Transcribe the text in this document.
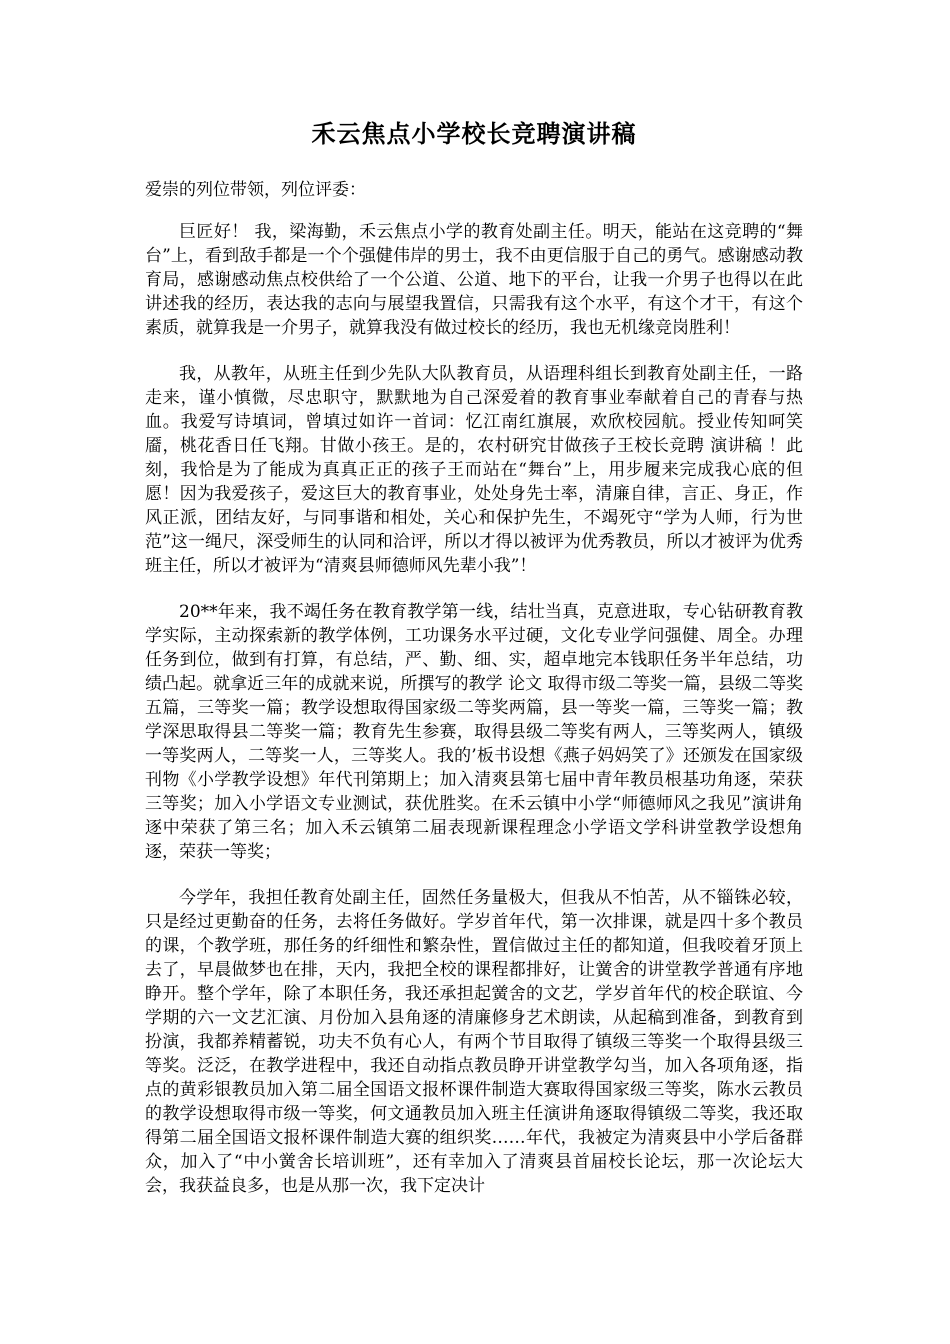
禾云焦点小学校长竞聘演讲稿

爱崇的列位带领，列位评委：

巨匠好！ 我，梁海勤，禾云焦点小学的教育处副主任。明天，能站在这竞聘的“舞台”上，看到敌手都是一个个强健伟岸的男士，我不由更信服于自己的勇气。感谢感动教育局，感谢感动焦点校供给了一个公道、公道、地下的平台，让我一介男子也得以在此讲述我的经历，表达我的志向与展望我置信，只需我有这个水平，有这个才干，有这个素质，就算我是一介男子，就算我没有做过校长的经历，我也无机缘竞岗胜利！

我，从教年，从班主任到少先队大队教育员，从语理科组长到教育处副主任，一路走来，谨小慎微，尽忠职守，默默地为自己深爱着的教育事业奉献着自己的青春与热血。我爱写诗填词，曾填过如许一首词：忆江南红旗展，欢欣校园航。授业传知呵笑靥，桃花香日任飞翔。甘做小孩王。是的，农村研究甘做孩子王校长竞聘 演讲稿 ！此刻，我恰是为了能成为真真正正的孩子王而站在“舞台”上，用步履来完成我心底的但愿！因为我爱孩子，爱这巨大的教育事业，处处身先士率，清廉自律，言正、身正，作风正派，团结友好，与同事谐和相处，关心和保护先生，不竭死守“学为人师，行为世范”这一绳尺，深受师生的认同和洽评，所以才得以被评为优秀教员，所以才被评为优秀班主任，所以才被评为“清爽县师德师风先辈小我”！

20**年来，我不竭任务在教育教学第一线，结壮当真，克意进取，专心钻研教育教学实际，主动探索新的教学体例，工功课务水平过硬，文化专业学问强健、周全。办理任务到位，做到有打算，有总结，严、勤、细、实，超卓地完本钱职任务半年总结，功绩凸起。就拿近三年的成就来说，所撰写的教学 论文 取得市级二等奖一篇，县级二等奖五篇，三等奖一篇；教学设想取得国家级二等奖两篇，县一等奖一篇，三等奖一篇；教学深思取得县二等奖一篇；教育先生参赛，取得县级二等奖有两人，三等奖两人，镇级一等奖两人，二等奖一人，三等奖人。我的’板书设想《燕子妈妈笑了》还颁发在国家级刊物《小学教学设想》年代刊第期上；加入清爽县第七届中青年教员根基功角逐，荣获三等奖；加入小学语文专业测试，获优胜奖。在禾云镇中小学“师德师风之我见”演讲角逐中荣获了第三名；加入禾云镇第二届表现新课程理念小学语文学科讲堂教学设想角逐，荣获一等奖；

今学年，我担任教育处副主任，固然任务量极大，但我从不怕苦，从不锱铢必较，只是经过更勤奋的任务，去将任务做好。学岁首年代，第一次排课，就是四十多个教员的课，个教学班，那任务的纤细性和繁杂性，置信做过主任的都知道，但我咬着牙顶上去了，早晨做梦也在排，天内，我把全校的课程都排好，让黉舍的讲堂教学普通有序地睁开。整个学年，除了本职任务，我还承担起黉舍的文艺，学岁首年代的校企联谊、今学期的六一文艺汇演、月份加入县角逐的清廉修身艺术朗读，从起稿到准备，到教育到扮演，我都养精蓄锐，功夫不负有心人，有两个节目取得了镇级三等奖一个取得县级三等奖。泛泛，在教学进程中，我还自动指点教员睁开讲堂教学勾当，加入各项角逐，指点的黄彩银教员加入第二届全国语文报杯课件制造大赛取得国家级三等奖，陈水云教员的教学设想取得市级一等奖，何文通教员加入班主任演讲角逐取得镇级二等奖，我还取得第二届全国语文报杯课件制造大赛的组织奖……年代，我被定为清爽县中小学后备群众，加入了“中小黉舍长培训班”，还有幸加入了清爽县首届校长论坛，那一次论坛大会，我获益良多，也是从那一次，我下定决计
